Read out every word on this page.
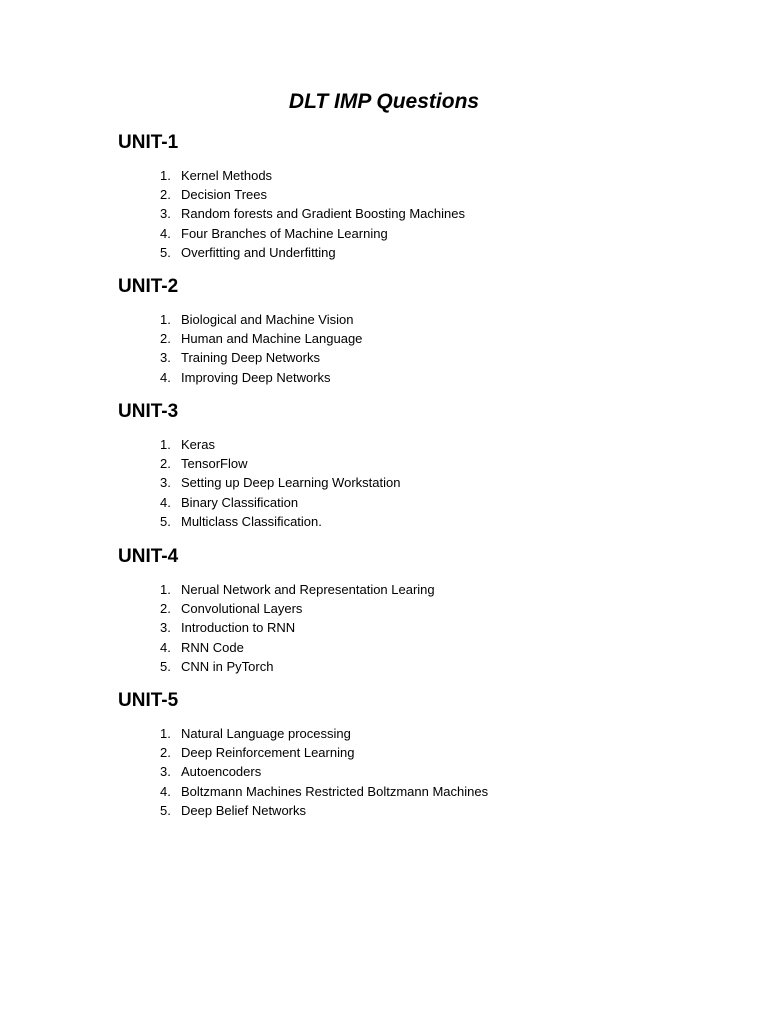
DLT IMP Questions
UNIT-1
1. Kernel Methods
2. Decision Trees
3. Random forests and Gradient Boosting Machines
4. Four Branches of Machine Learning
5. Overfitting and Underfitting
UNIT-2
1. Biological and Machine Vision
2. Human and Machine Language
3. Training Deep Networks
4. Improving Deep Networks
UNIT-3
1. Keras
2. TensorFlow
3. Setting up Deep Learning Workstation
4. Binary Classification
5. Multiclass Classification.
UNIT-4
1. Nerual Network and Representation Learing
2. Convolutional Layers
3. Introduction to RNN
4. RNN Code
5. CNN in PyTorch
UNIT-5
1. Natural Language processing
2. Deep Reinforcement Learning
3. Autoencoders
4. Boltzmann Machines Restricted Boltzmann Machines
5. Deep Belief Networks
